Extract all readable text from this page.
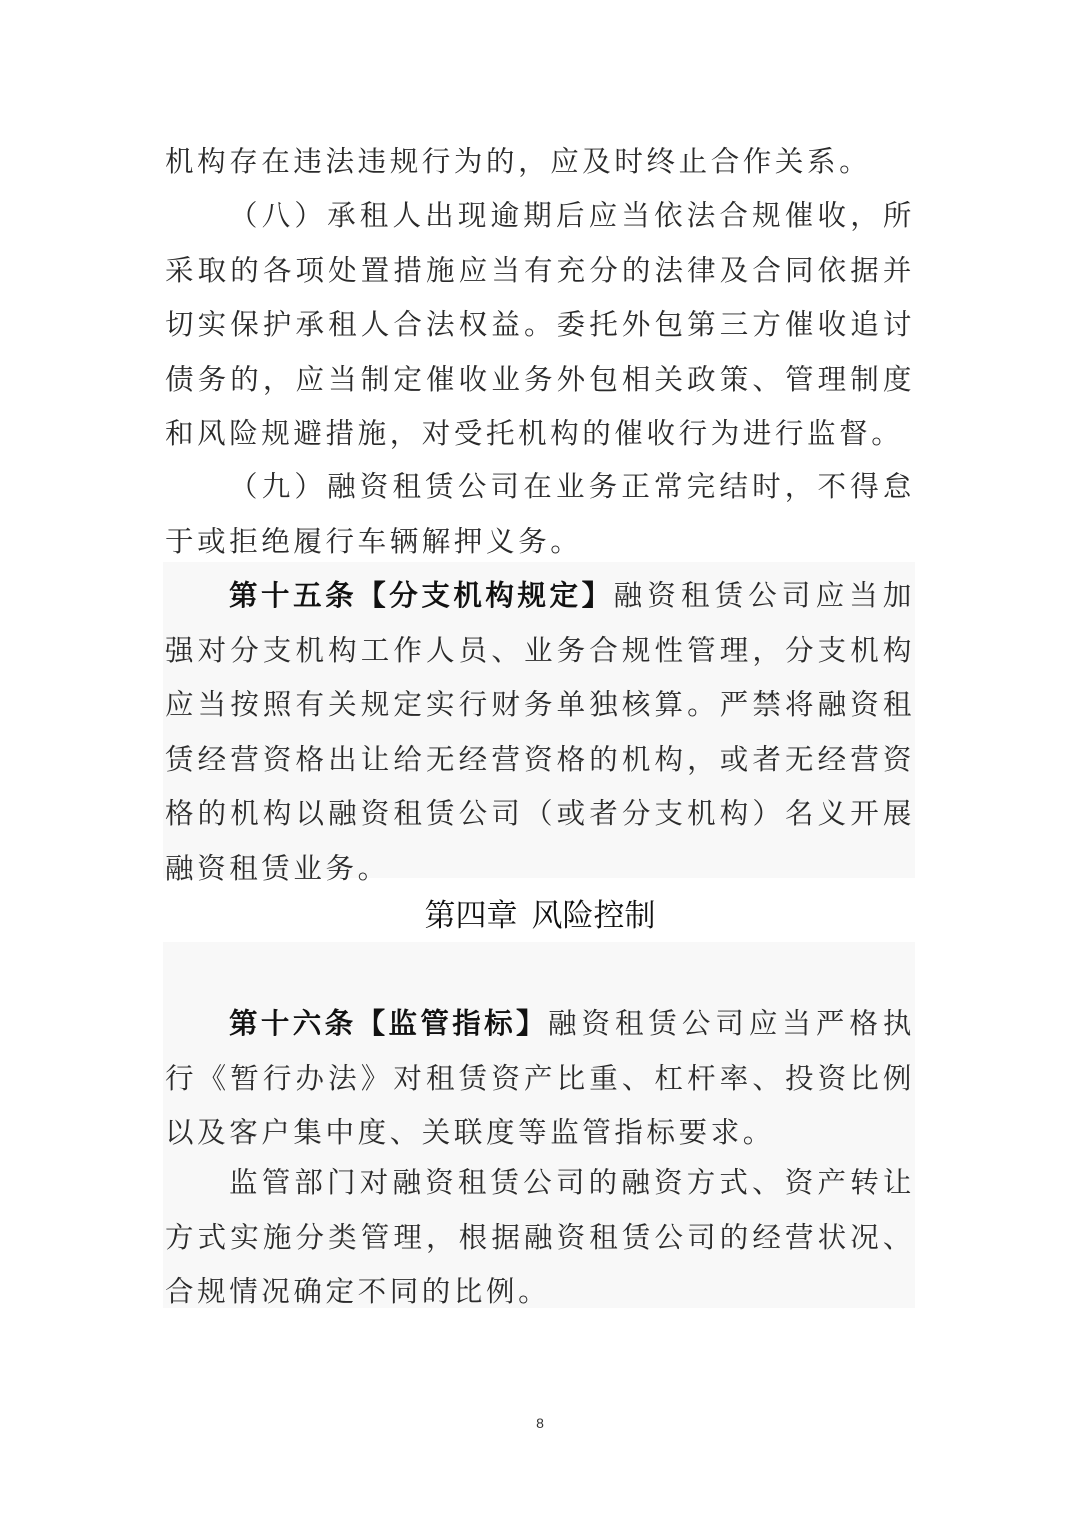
机构存在违法违规行为的，应及时终止合作关系。

（八）承租人出现逾期后应当依法合规催收，所采取的各项处置措施应当有充分的法律及合同依据并切实保护承租人合法权益。委托外包第三方催收追讨债务的，应当制定催收业务外包相关政策、管理制度和风险规避措施，对受托机构的催收行为进行监督。

（九）融资租赁公司在业务正常完结时，不得怠于或拒绝履行车辆解押义务。

第十五条【分支机构规定】融资租赁公司应当加强对分支机构工作人员、业务合规性管理，分支机构应当按照有关规定实行财务单独核算。严禁将融资租赁经营资格出让给无经营资格的机构，或者无经营资格的机构以融资租赁公司（或者分支机构）名义开展融资租赁业务。

第四章 风险控制

第十六条【监管指标】融资租赁公司应当严格执行《暂行办法》对租赁资产比重、杠杆率、投资比例以及客户集中度、关联度等监管指标要求。

监管部门对融资租赁公司的融资方式、资产转让方式实施分类管理，根据融资租赁公司的经营状况、合规情况确定不同的比例。

8
